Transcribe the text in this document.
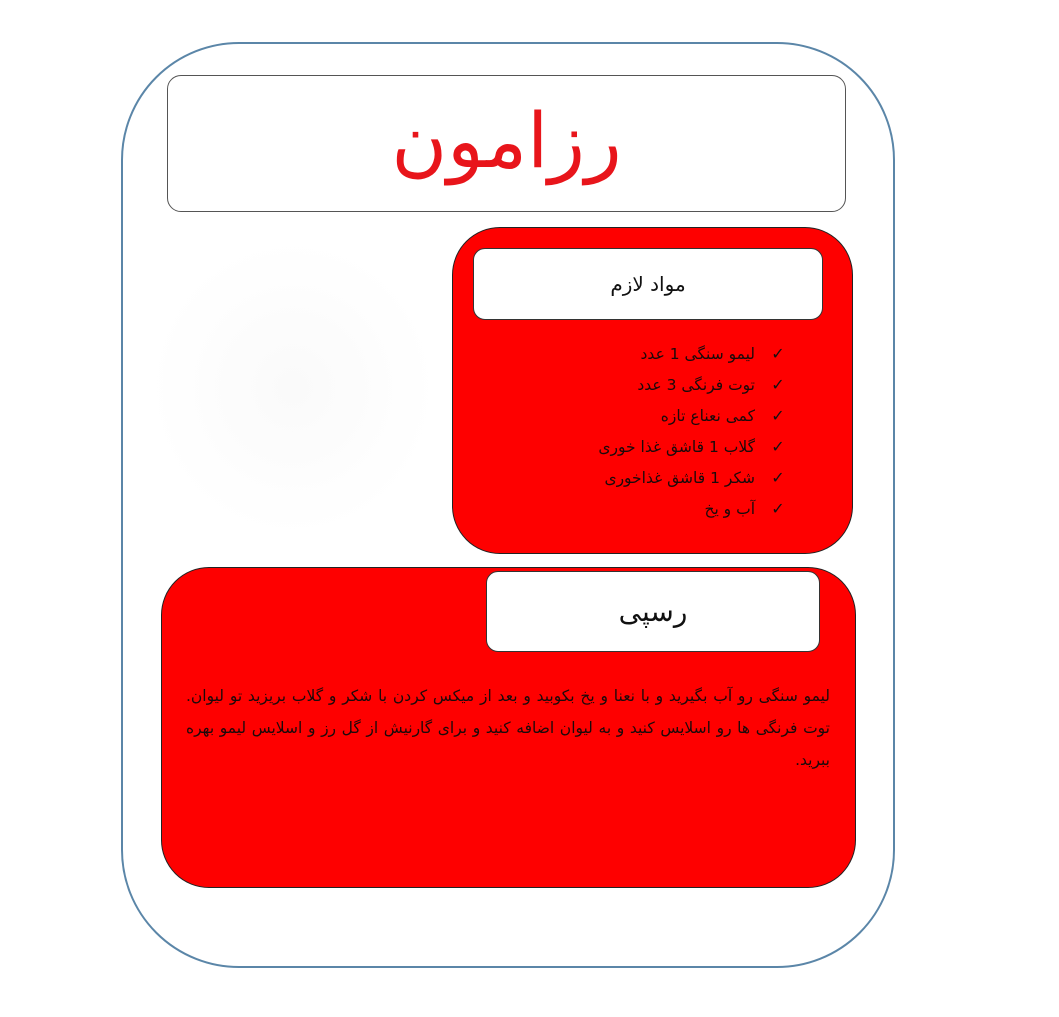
رزامون
مواد لازم
✓
لیمو سنگی 1 عدد
✓
توت فرنگی 3 عدد
✓
کمی نعناع تازه
✓
گلاب 1 قاشق غذا خوری
✓
شکر 1 قاشق غذاخوری
✓
آب و یخ
رسپی

لیمو سنگی رو آب بگیرید و با نعنا و یخ بکوبید و بعد از میکس کردن با شکر و گلاب بریزید تو لیوان. توت فرنگی ها رو اسلایس کنید و به لیوان اضافه کنید و برای گارنیش از گل رز و اسلایس لیمو بهره ببرید.
